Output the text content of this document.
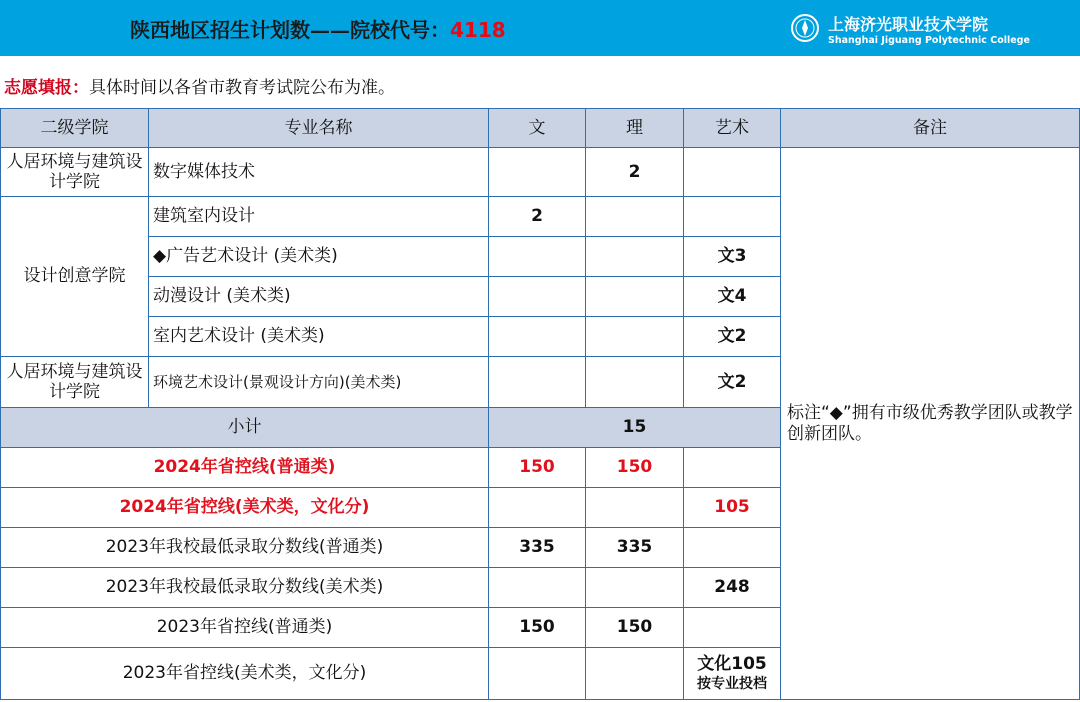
陕西地区招生计划数——院校代号：4118	上海济光职业技术学院
Shanghai Jiguang Polytechnic College
志愿填报：具体时间以各省市教育考试院公布为准。
二级学院	专业名称	文	理	艺术	备注
人居环境与建筑设计学院	数字媒体技术		2		标注“◆”拥有市级优秀教学团队或教学创新团队。
设计创意学院	建筑室内设计	2			
	◆广告艺术设计 (美术类)			文3	
	动漫设计 (美术类)			文4	
	室内艺术设计 (美术类)			文2	
人居环境与建筑设计学院	环境艺术设计(景观设计方向)(美术类)			文2	
小计		15			
2024年省控线(普通类)		150	150		
2024年省控线(美术类，文化分)				105	
2023年我校最低录取分数线(普通类)		335	335		
2023年我校最低录取分数线(美术类)				248	
2023年省控线(普通类)		150	150		
2023年省控线(美术类，文化分)				文化105
按专业投档	
